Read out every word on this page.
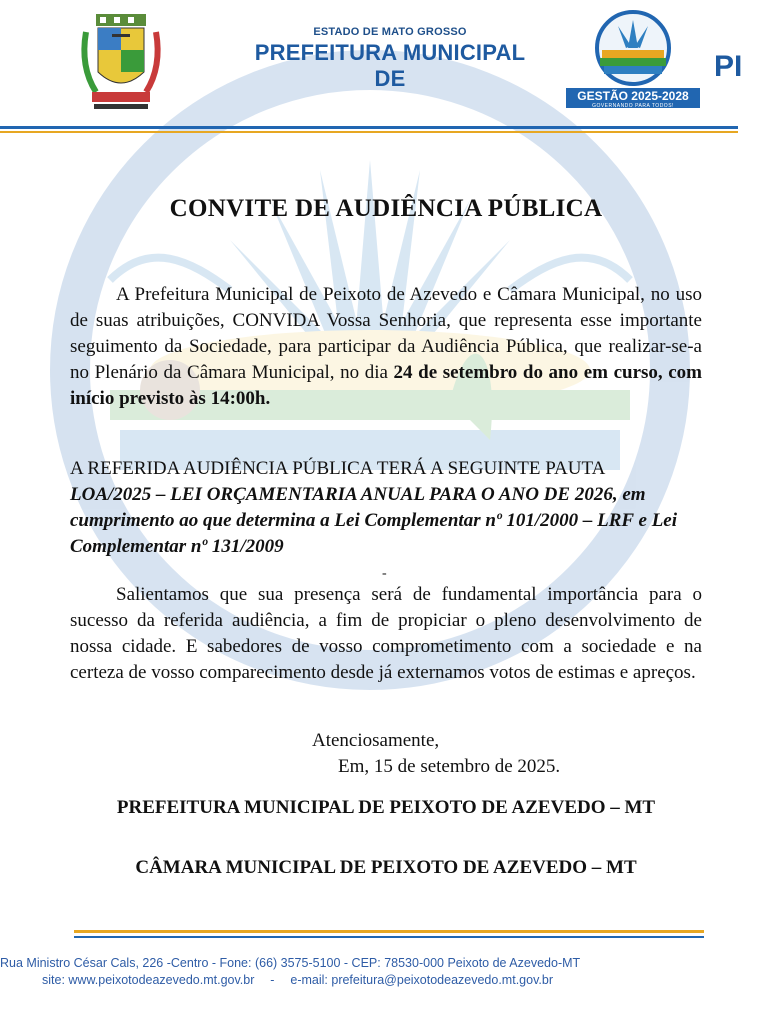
ESTADO DE MATO GROSSO
PREFEITURA MUNICIPAL DE
GESTÃO 2025-2028
GOVERNANDO PARA TODOS!
PI
CONVITE DE AUDIÊNCIA PÚBLICA
A Prefeitura Municipal de Peixoto de Azevedo e Câmara Municipal, no uso de suas atribuições, CONVIDA Vossa Senhoria, que representa esse importante seguimento da Sociedade, para participar da Audiência Pública, que realizar-se-a no Plenário da Câmara Municipal, no dia 24 de setembro do ano em curso, com início previsto às 14:00h.
A REFERIDA AUDIÊNCIA PÚBLICA TERÁ A SEGUINTE PAUTA
LOA/2025 – LEI ORÇAMENTARIA ANUAL PARA O ANO DE 2026, em cumprimento ao que determina a Lei Complementar nº 101/2000 – LRF e Lei Complementar nº 131/2009
-
Salientamos que sua presença será de fundamental importância para o sucesso da referida audiência, a fim de propiciar o pleno desenvolvimento de nossa cidade. E sabedores de vosso comprometimento com a sociedade e na certeza de vosso comparecimento desde já externamos votos de estimas e apreços.
Atenciosamente,
Em, 15 de setembro de 2025.
PREFEITURA MUNICIPAL DE PEIXOTO DE AZEVEDO – MT
CÂMARA MUNICIPAL DE PEIXOTO DE AZEVEDO – MT
Rua Ministro César Cals, 226 -Centro - Fone: (66) 3575-5100 - CEP: 78530-000 Peixoto de Azevedo-MT
site: www.peixotodeazevedo.mt.gov.br - e-mail: prefeitura@peixotodeazevedo.mt.gov.br
